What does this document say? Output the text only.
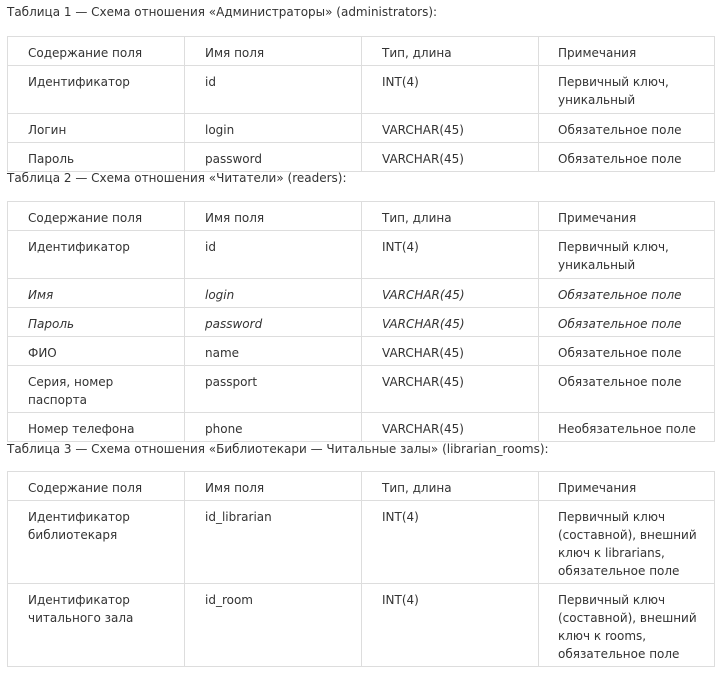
Таблица 1 — Схема отношения «Администраторы» (administrators):
Содержание поля	Имя поля	Тип, длина	Примечания

Идентификатор	id	INT(4)	Первичный ключ,
уникальный

Логин	login	VARCHAR(45)	Обязательное поле

Пароль	password	VARCHAR(45)	Обязательное поле
Таблица 2 — Схема отношения «Читатели» (readers):
Содержание поля	Имя поля	Тип, длина	Примечания

Идентификатор	id	INT(4)	Первичный ключ,
уникальный

Имя	login	VARCHAR(45)	Обязательное поле

Пароль	password	VARCHAR(45)	Обязательное поле

ФИО	name	VARCHAR(45)	Обязательное поле

Серия, номер
паспорта	passport	VARCHAR(45)	Обязательное поле

Номер телефона	phone	VARCHAR(45)	Необязательное поле
Таблица 3 — Схема отношения «Библиотекари — Читальные залы» (librarian_rooms):
Содержание поля	Имя поля	Тип, длина	Примечания

Идентификатор
библиотекаря	id_librarian	INT(4)	Первичный ключ
(составной), внешний
ключ к librarians,
обязательное поле

Идентификатор
читального зала	id_room	INT(4)	Первичный ключ
(составной), внешний
ключ к rooms,
обязательное поле
